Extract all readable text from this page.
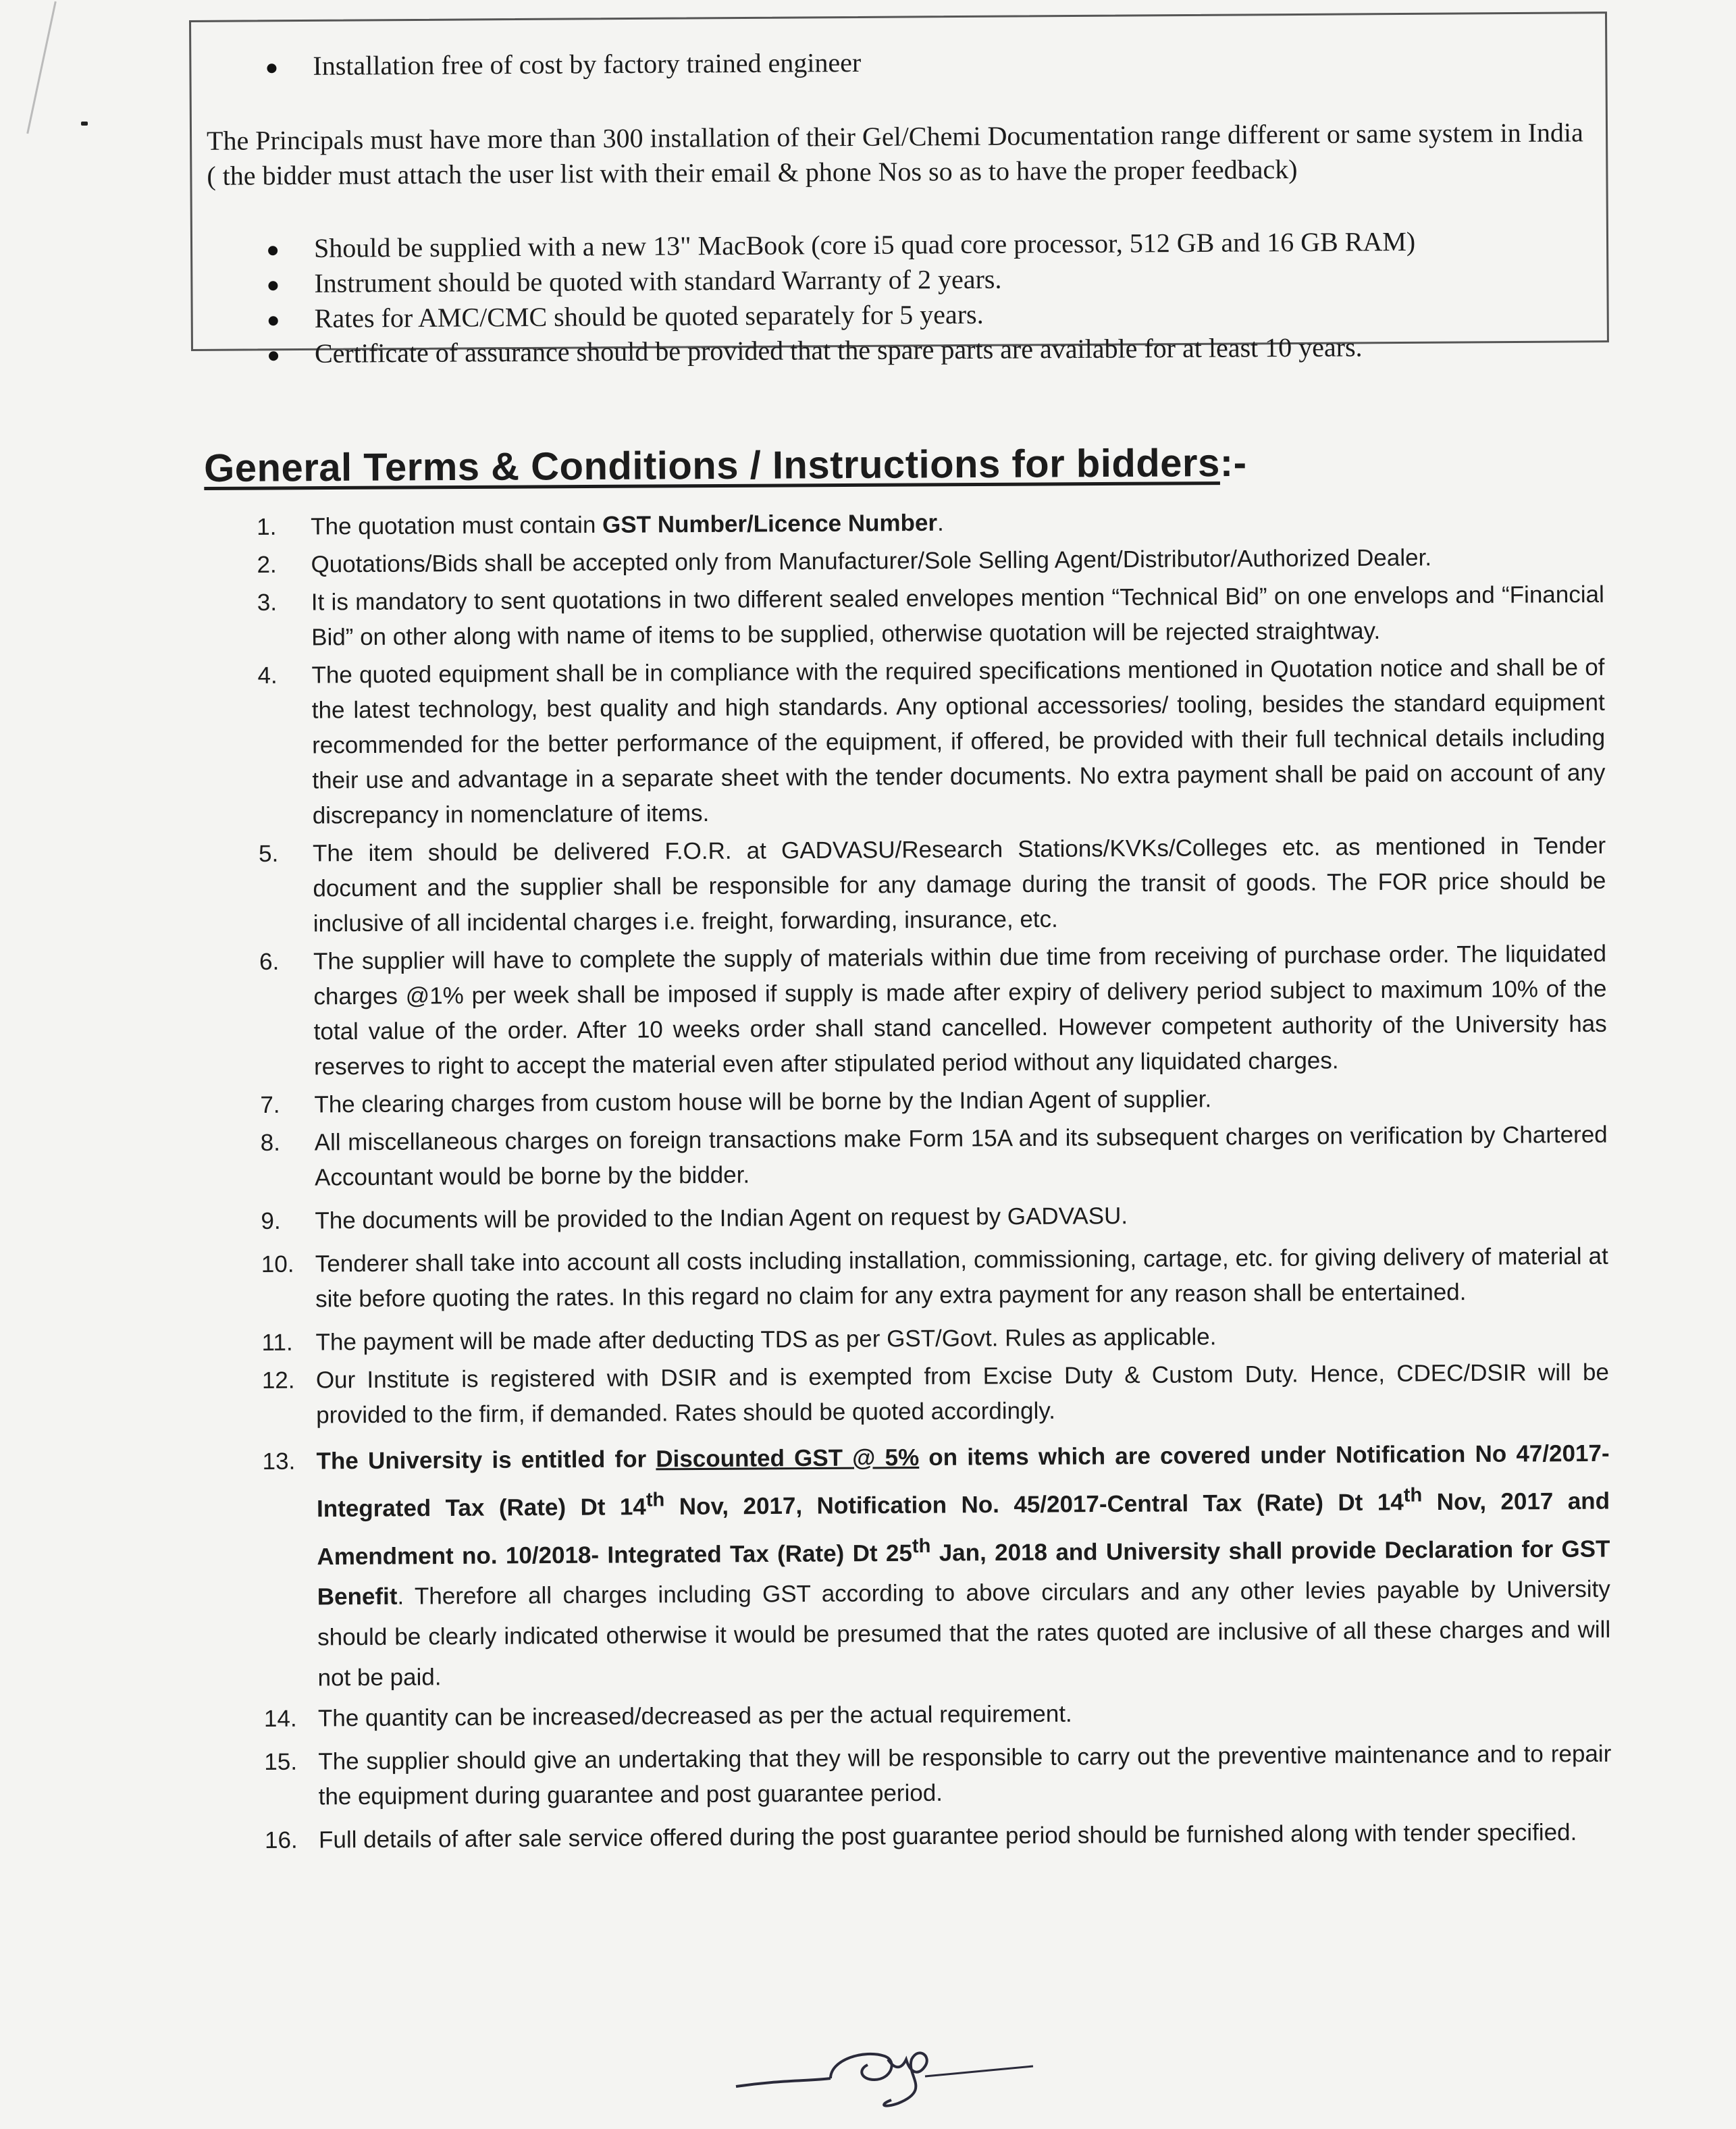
Installation free of cost by factory trained engineer
The Principals must have more than 300 installation of their Gel/Chemi Documentation range different or same system in India ( the bidder must attach the user list with their email & phone Nos so as to have the proper feedback)
Should be supplied with a new 13" MacBook (core i5 quad core processor, 512 GB and 16 GB RAM)
Instrument should be quoted with standard Warranty of 2 years.
Rates for AMC/CMC should be quoted separately for 5 years.
Certificate of assurance should be provided that the spare parts are available for at least 10 years.
General Terms & Conditions / Instructions for bidders:-
1. The quotation must contain GST Number/Licence Number.
2. Quotations/Bids shall be accepted only from Manufacturer/Sole Selling Agent/Distributor/Authorized Dealer.
3. It is mandatory to sent quotations in two different sealed envelopes mention “Technical Bid” on one envelops and “Financial Bid” on other along with name of items to be supplied, otherwise quotation will be rejected straightway.
4. The quoted equipment shall be in compliance with the required specifications mentioned in Quotation notice and shall be of the latest technology, best quality and high standards. Any optional accessories/ tooling, besides the standard equipment recommended for the better performance of the equipment, if offered, be provided with their full technical details including their use and advantage in a separate sheet with the tender documents. No extra payment shall be paid on account of any discrepancy in nomenclature of items.
5. The item should be delivered F.O.R. at GADVASU/Research Stations/KVKs/Colleges etc. as mentioned in Tender document and the supplier shall be responsible for any damage during the transit of goods. The FOR price should be inclusive of all incidental charges i.e. freight, forwarding, insurance, etc.
6. The supplier will have to complete the supply of materials within due time from receiving of purchase order. The liquidated charges @1% per week shall be imposed if supply is made after expiry of delivery period subject to maximum 10% of the total value of the order. After 10 weeks order shall stand cancelled. However competent authority of the University has reserves to right to accept the material even after stipulated period without any liquidated charges.
7. The clearing charges from custom house will be borne by the Indian Agent of supplier.
8. All miscellaneous charges on foreign transactions make Form 15A and its subsequent charges on verification by Chartered Accountant would be borne by the bidder.
9. The documents will be provided to the Indian Agent on request by GADVASU.
10. Tenderer shall take into account all costs including installation, commissioning, cartage, etc. for giving delivery of material at site before quoting the rates. In this regard no claim for any extra payment for any reason shall be entertained.
11. The payment will be made after deducting TDS as per GST/Govt. Rules as applicable.
12. Our Institute is registered with DSIR and is exempted from Excise Duty & Custom Duty. Hence, CDEC/DSIR will be provided to the firm, if demanded. Rates should be quoted accordingly.
13. The University is entitled for Discounted GST @ 5% on items which are covered under Notification No 47/2017- Integrated Tax (Rate) Dt 14th Nov, 2017, Notification No. 45/2017-Central Tax (Rate) Dt 14th Nov, 2017 and Amendment no. 10/2018- Integrated Tax (Rate) Dt 25th Jan, 2018 and University shall provide Declaration for GST Benefit. Therefore all charges including GST according to above circulars and any other levies payable by University should be clearly indicated otherwise it would be presumed that the rates quoted are inclusive of all these charges and will not be paid.
14. The quantity can be increased/decreased as per the actual requirement.
15. The supplier should give an undertaking that they will be responsible to carry out the preventive maintenance and to repair the equipment during guarantee and post guarantee period.
16. Full details of after sale service offered during the post guarantee period should be furnished along with tender specified.
